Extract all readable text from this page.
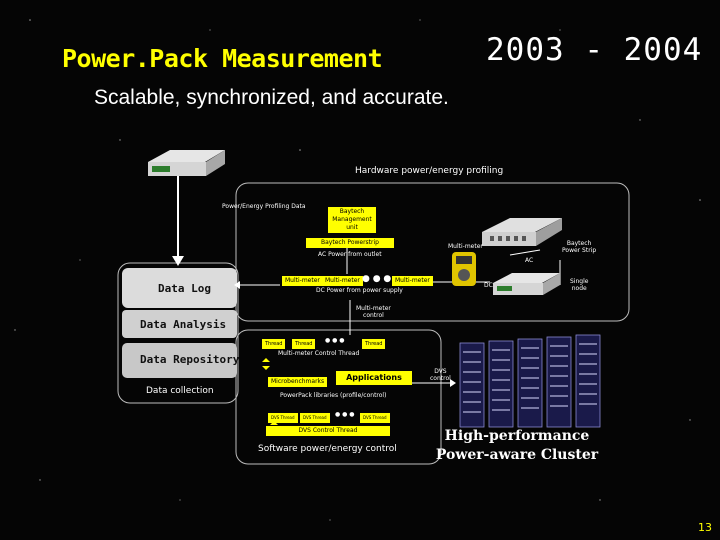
Power.Pack Measurement	2003 - 2004
Scalable, synchronized, and accurate.
Hardware power/energy profiling
Power/Energy Profiling Data
Baytech
Management
unit
Baytech Powerstrip
AC Power from outlet
Multi-meter Multi-meter ● ● ● Multi-meter
DC Power from power supply
Multi-meter
control
Multi-meter
AC
DC
Baytech
Power Strip
Single
node
Data Log
Data Analysis
Data Repository
Data collection
Thread	Thread	● ● ●	Thread
Multi-meter Control Thread
Microbenchmarks	Applications
PowerPack libraries (profile/control)
DVS Thread	DVS Thread	● ● ●	DVS Thread
DVS Control Thread
Software power/energy control
DVS
control
High-performance
Power-aware Cluster
13
